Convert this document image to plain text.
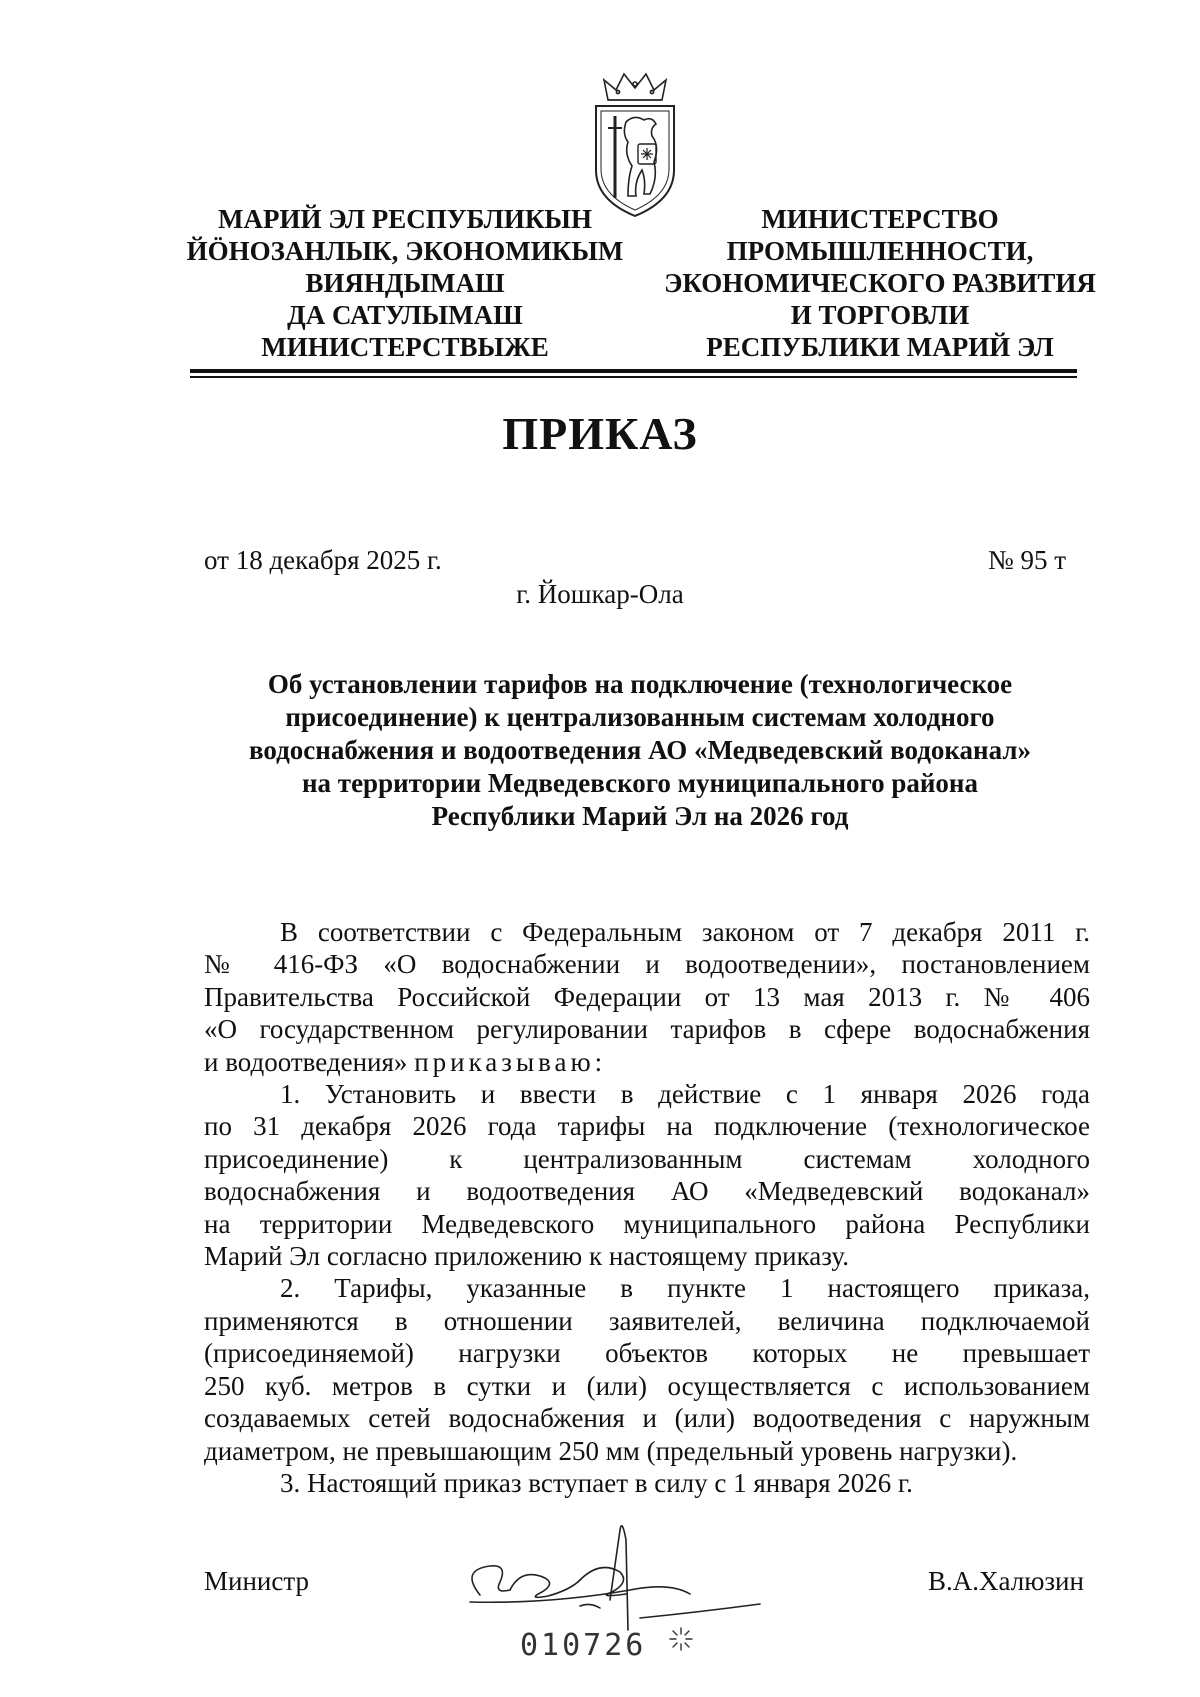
МАРИЙ ЭЛ РЕСПУБЛИКЫН
ЙÖНОЗАНЛЫК, ЭКОНОМИКЫМ
ВИЯНДЫМАШ
ДА САТУЛЫМАШ
МИНИСТЕРСТВЫЖЕ
МИНИСТЕРСТВО
ПРОМЫШЛЕННОСТИ,
ЭКОНОМИЧЕСКОГО РАЗВИТИЯ
И ТОРГОВЛИ
РЕСПУБЛИКИ МАРИЙ ЭЛ
ПРИКАЗ
от 18 декабря 2025 г.	№ 95 т
г. Йошкар-Ола
Об установлении тарифов на подключение (технологическое
присоединение) к централизованным системам холодного
водоснабжения и водоотведения АО «Медведевский водоканал»
на территории Медведевского муниципального района
Республики Марий Эл на 2026 год
В соответствии с Федеральным законом от 7 декабря 2011 г.
№ 416-ФЗ «О водоснабжении и водоотведении», постановлением
Правительства Российской Федерации от 13 мая 2013 г. № 406
«О государственном регулировании тарифов в сфере водоснабжения
и водоотведения» приказываю:
1. Установить и ввести в действие с 1 января 2026 года
по 31 декабря 2026 года тарифы на подключение (технологическое
присоединение) к централизованным системам холодного
водоснабжения и водоотведения АО «Медведевский водоканал»
на территории Медведевского муниципального района Республики
Марий Эл согласно приложению к настоящему приказу.
2. Тарифы, указанные в пункте 1 настоящего приказа,
применяются в отношении заявителей, величина подключаемой
(присоединяемой) нагрузки объектов которых не превышает
250 куб. метров в сутки и (или) осуществляется с использованием
создаваемых сетей водоснабжения и (или) водоотведения с наружным
диаметром, не превышающим 250 мм (предельный уровень нагрузки).
3. Настоящий приказ вступает в силу с 1 января 2026 г.
Министр
010726
В.А.Халюзин
